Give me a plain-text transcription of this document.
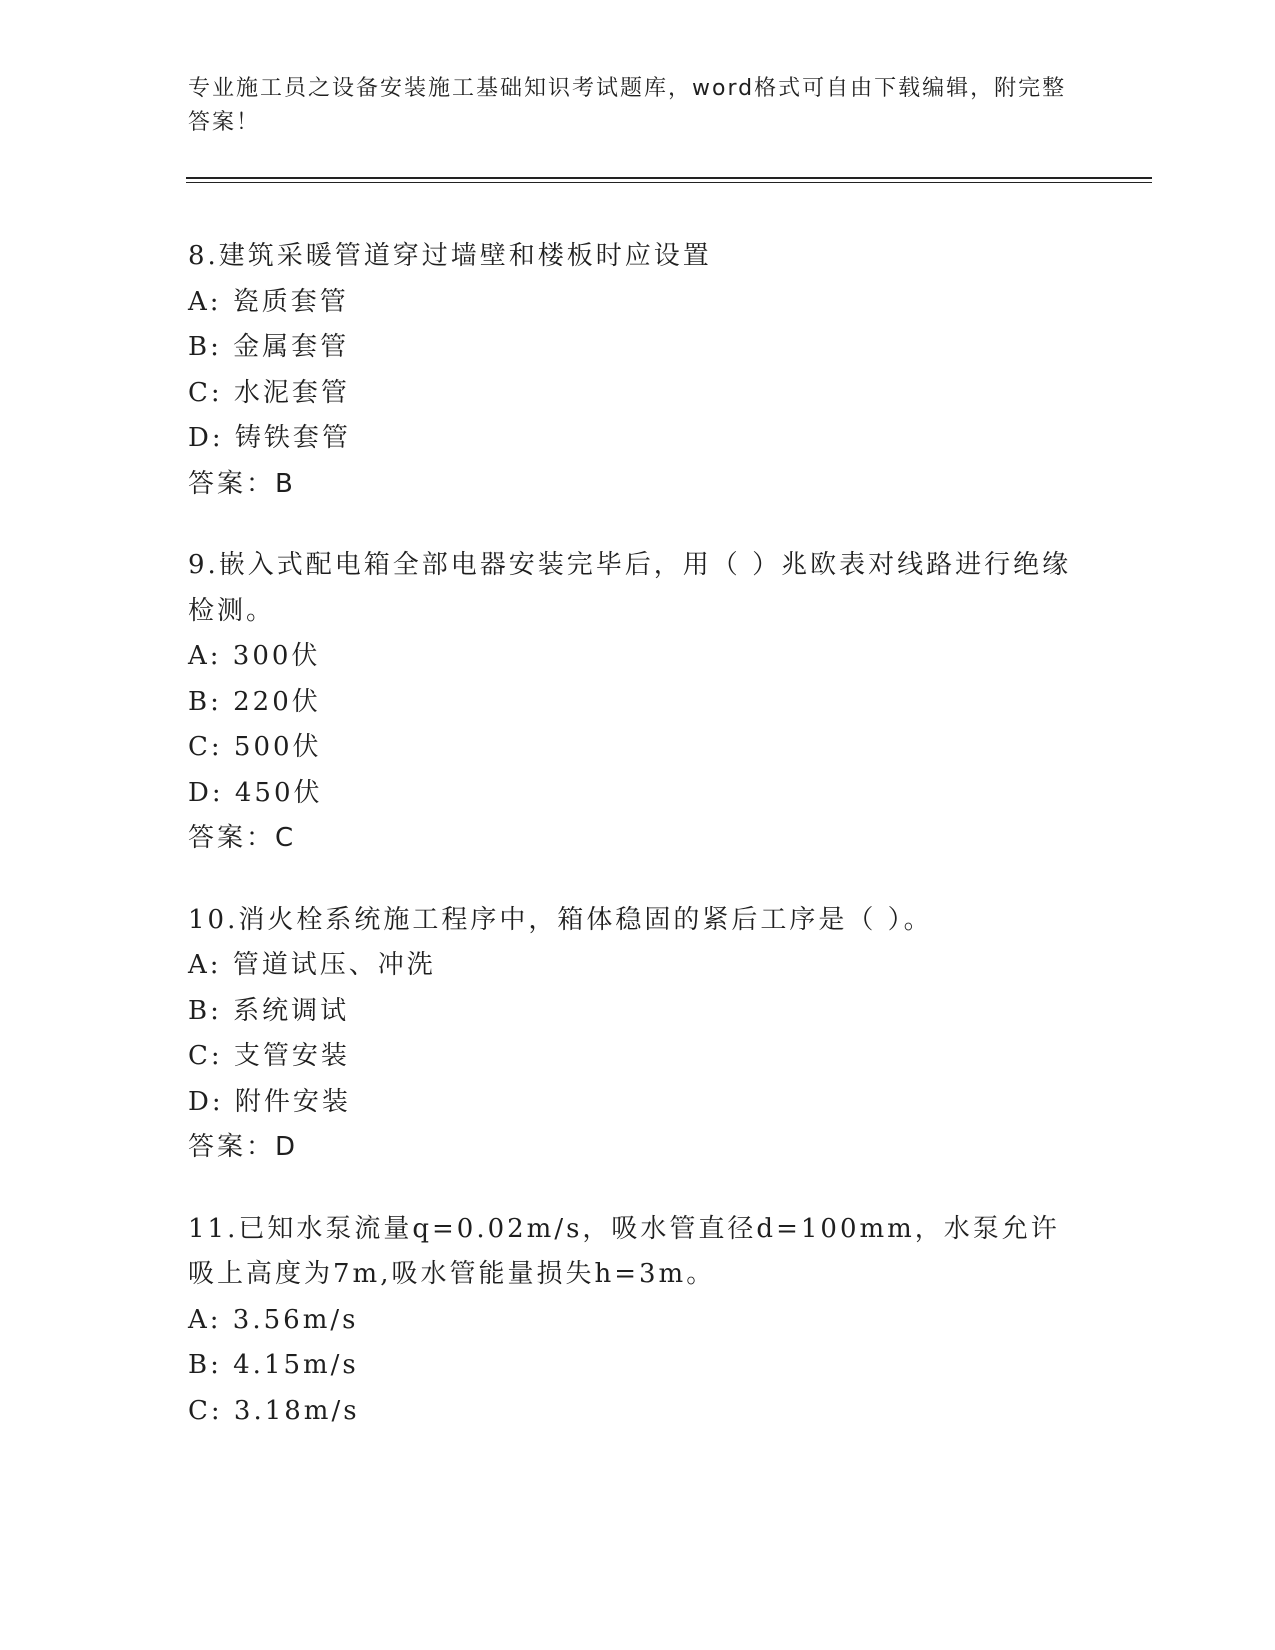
专业施工员之设备安装施工基础知识考试题库，word格式可自由下载编辑，附完整答案！
8.建筑采暖管道穿过墙壁和楼板时应设置
A: 瓷质套管
B: 金属套管
C: 水泥套管
D: 铸铁套管
答案：B
9.嵌入式配电箱全部电器安装完毕后，用（ ）兆欧表对线路进行绝缘检测。
A: 300伏
B: 220伏
C: 500伏
D: 450伏
答案：C
10.消火栓系统施工程序中，箱体稳固的紧后工序是（ ）。
A: 管道试压、冲洗
B: 系统调试
C: 支管安装
D: 附件安装
答案：D
11.已知水泵流量q=0.02m/s，吸水管直径d=100mm，水泵允许吸上高度为7m,吸水管能量损失h=3m。
A: 3.56m/s
B: 4.15m/s
C: 3.18m/s
